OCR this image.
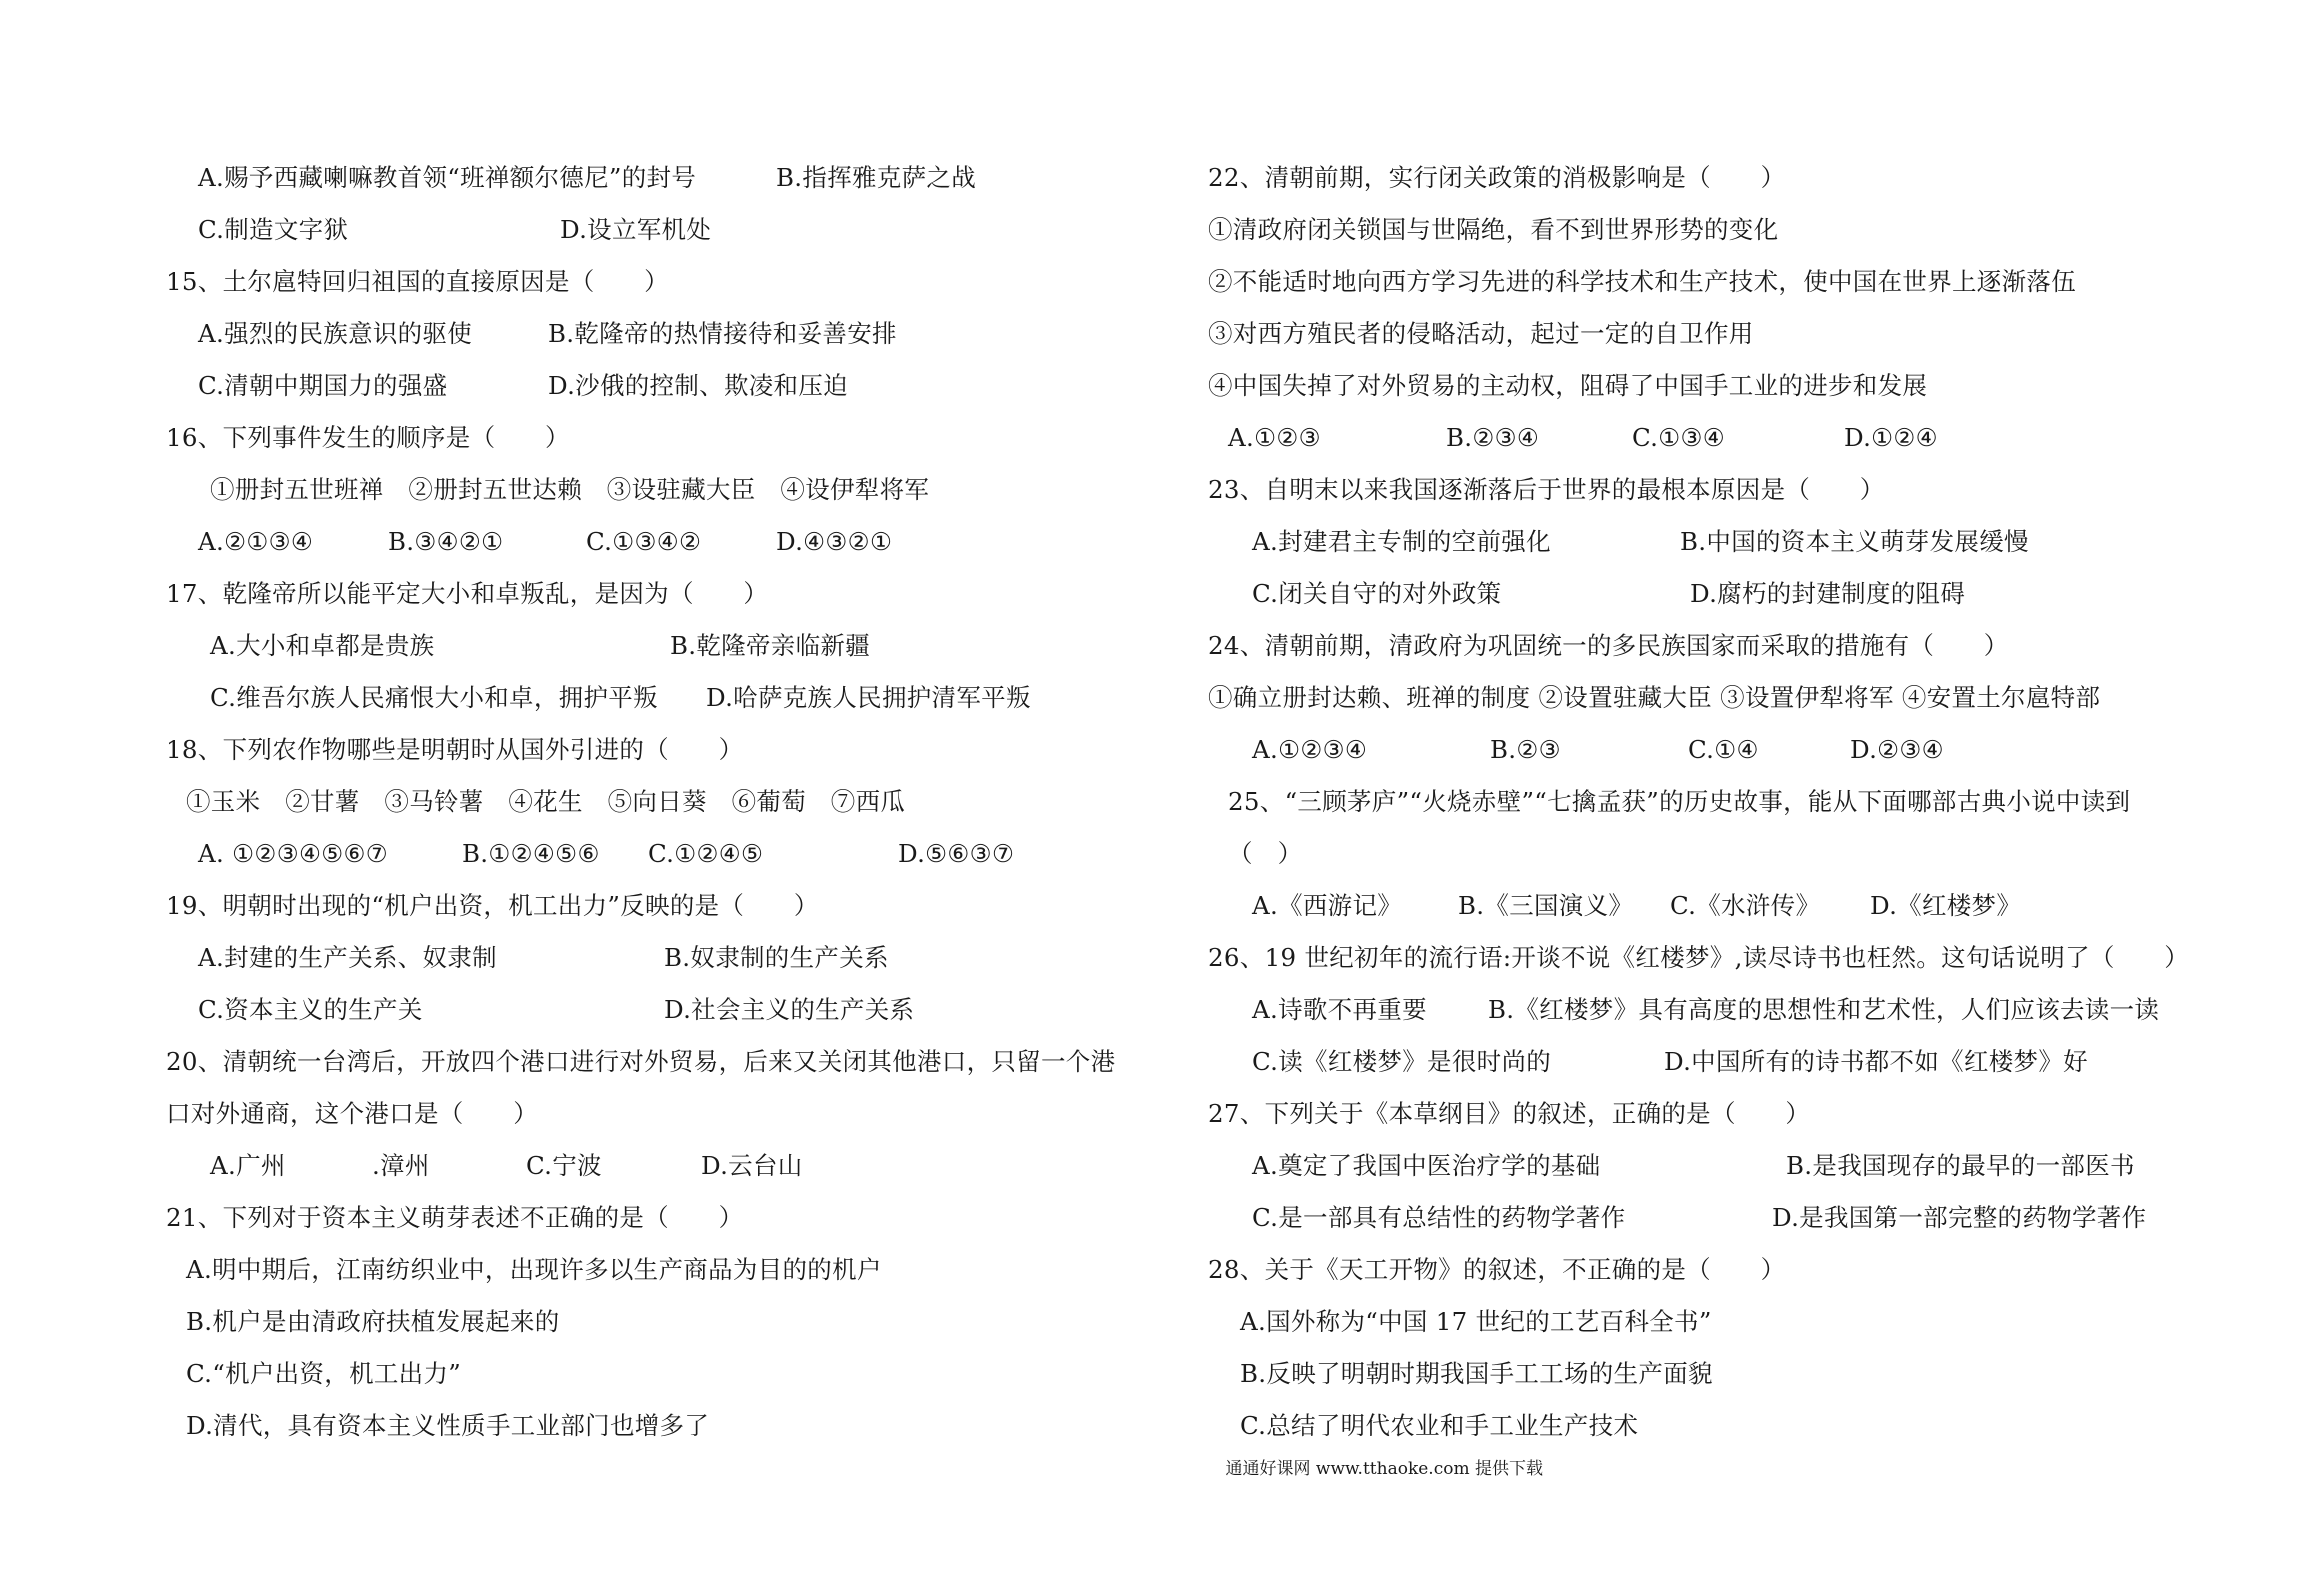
A.赐予西藏喇嘛教首领“班禅额尔德尼”的封号	B.指挥雅克萨之战
C.制造文字狱	D.设立军机处
15、土尔扈特回归祖国的直接原因是（　　）
A.强烈的民族意识的驱使	B.乾隆帝的热情接待和妥善安排
C.清朝中期国力的强盛	D.沙俄的控制、欺凌和压迫
16、下列事件发生的顺序是（　　）
①册封五世班禅　②册封五世达赖　③设驻藏大臣　④设伊犁将军
A.②①③④	B.③④②①	C.①③④②	D.④③②①
17、乾隆帝所以能平定大小和卓叛乱，是因为（　　）
A.大小和卓都是贵族	B.乾隆帝亲临新疆
C.维吾尔族人民痛恨大小和卓，拥护平叛 D.哈萨克族人民拥护清军平叛
18、下列农作物哪些是明朝时从国外引进的（　　）
①玉米　②甘薯　③马铃薯　④花生　⑤向日葵　⑥葡萄　⑦西瓜
A. ①②③④⑤⑥⑦	B.①②④⑤⑥ C.①②④⑤	D.⑤⑥③⑦
19、明朝时出现的“机户出资，机工出力”反映的是（　　）
A.封建的生产关系、奴隶制	B.奴隶制的生产关系
C.资本主义的生产关	D.社会主义的生产关系
20、清朝统一台湾后，开放四个港口进行对外贸易，后来又关闭其他港口，只留一个港
口对外通商，这个港口是（　　）
A.广州	.漳州	C.宁波	D.云台山
21、下列对于资本主义萌芽表述不正确的是（　　）
A.明中期后，江南纺织业中，出现许多以生产商品为目的的机户
B.机户是由清政府扶植发展起来的
C.“机户出资，机工出力”
D.清代，具有资本主义性质手工业部门也增多了
22、清朝前期，实行闭关政策的消极影响是（　　）
①清政府闭关锁国与世隔绝，看不到世界形势的变化
②不能适时地向西方学习先进的科学技术和生产技术，使中国在世界上逐渐落伍
③对西方殖民者的侵略活动，起过一定的自卫作用
④中国失掉了对外贸易的主动权，阻碍了中国手工业的进步和发展
A.①②③	B.②③④	C.①③④	D.①②④
23、自明末以来我国逐渐落后于世界的最根本原因是（　　）
A.封建君主专制的空前强化	B.中国的资本主义萌芽发展缓慢
C.闭关自守的对外政策	D.腐朽的封建制度的阻碍
24、清朝前期，清政府为巩固统一的多民族国家而采取的措施有（　　）
①确立册封达赖、班禅的制度 ②设置驻藏大臣 ③设置伊犁将军 ④安置土尔扈特部
A.①②③④	B.②③	C.①④	D.②③④
25、“三顾茅庐”“火烧赤壁”“七擒孟获”的历史故事，能从下面哪部古典小说中读到
（　）
A.《西游记》 B.《三国演义》 C.《水浒传》 D.《红楼梦》
26、19 世纪初年的流行语:开谈不说《红楼梦》,读尽诗书也枉然。这句话说明了（　　）
A.诗歌不再重要 B.《红楼梦》具有高度的思想性和艺术性，人们应该去读一读
C.读《红楼梦》是很时尚的	D.中国所有的诗书都不如《红楼梦》好
27、下列关于《本草纲目》的叙述，正确的是（　　）
A.奠定了我国中医治疗学的基础	B.是我国现存的最早的一部医书
C.是一部具有总结性的药物学著作	D.是我国第一部完整的药物学著作
28、关于《天工开物》的叙述，不正确的是（　　）
A.国外称为“中国 17 世纪的工艺百科全书”
B.反映了明朝时期我国手工工场的生产面貌
C.总结了明代农业和手工业生产技术
通通好课网 www.tthaoke.com 提供下载
